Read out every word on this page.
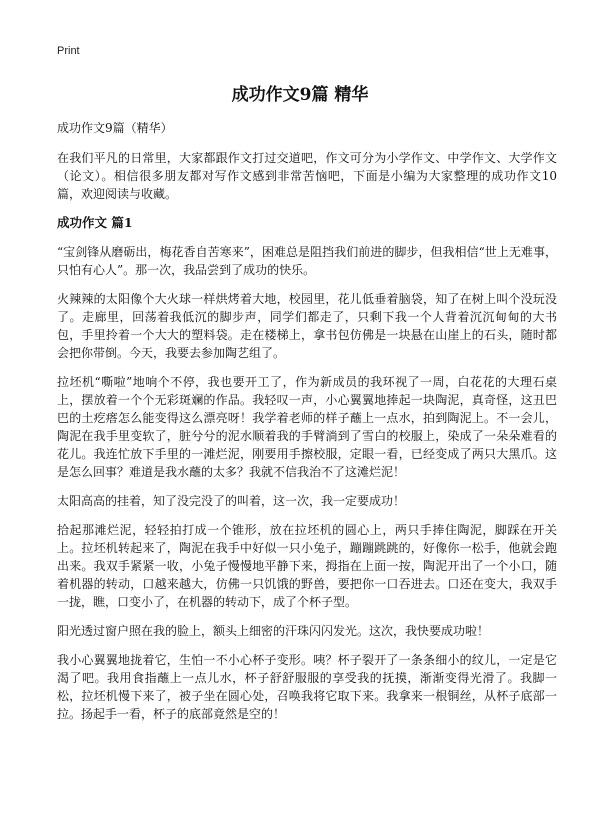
Print
成功作文9篇 精华
成功作文9篇（精华）

在我们平凡的日常里，大家都跟作文打过交道吧，作文可分为小学作文、中学作文、大学作文（论文）。相信很多朋友都对写作文感到非常苦恼吧，下面是小编为大家整理的成功作文10篇，欢迎阅读与收藏。

成功作文 篇1

“宝剑锋从磨砺出，梅花香自苦寒来”，困难总是阻挡我们前进的脚步，但我相信“世上无难事，只怕有心人”。那一次，我品尝到了成功的快乐。

火辣辣的太阳像个大火球一样烘烤着大地，校园里，花儿低垂着脑袋，知了在树上叫个没玩没了。走廊里，回荡着我低沉的脚步声，同学们都走了，只剩下我一个人背着沉沉甸甸的大书包，手里拎着一个大大的塑料袋。走在楼梯上，拿书包仿佛是一块悬在山崖上的石头，随时都会把你带倒。今天，我要去参加陶艺组了。

拉坯机“嘶啦”地响个不停，我也要开工了，作为新成员的我环视了一周，白花花的大理石桌上，摆放着一个个无彩斑斓的作品。我轻叹一声，小心翼翼地捧起一块陶泥，真奇怪，这丑巴巴的土疙瘩怎么能变得这么漂亮呀！我学着老师的样子蘸上一点水，拍到陶泥上。不一会儿，陶泥在我手里变软了，脏兮兮的泥水顺着我的手臂淌到了雪白的校服上，染成了一朵朵难看的花儿。我连忙放下手里的一滩烂泥，刚要用手擦校服，定眼一看，已经变成了两只大黑爪。这是怎么回事？难道是我水蘸的太多？我就不信我治不了这滩烂泥！

太阳高高的挂着，知了没完没了的叫着，这一次，我一定要成功！

拾起那滩烂泥，轻轻拍打成一个锥形，放在拉坯机的圆心上，两只手捧住陶泥，脚踩在开关上。拉坯机转起来了，陶泥在我手中好似一只小兔子，蹦蹦跳跳的，好像你一松手，他就会跑出来。我双手紧紧一收，小兔子慢慢地平静下来，拇指在上面一按，陶泥开出了一个小口，随着机器的转动，口越来越大，仿佛一只饥饿的野兽，要把你一口吞进去。口还在变大，我双手一拢，瞧，口变小了，在机器的转动下，成了个杯子型。

阳光透过窗户照在我的脸上，额头上细密的汗珠闪闪发光。这次，我快要成功啦！

我小心翼翼地拢着它，生怕一不小心杯子变形。咦？杯子裂开了一条条细小的纹儿，一定是它渴了吧。我用食指蘸上一点儿水，杯子舒舒服服的享受我的抚摸，渐渐变得光滑了。我脚一松，拉坯机慢下来了，被子坐在圆心处，召唤我将它取下来。我拿来一根铜丝，从杯子底部一拉。扬起手一看，杯子的底部竟然是空的！
